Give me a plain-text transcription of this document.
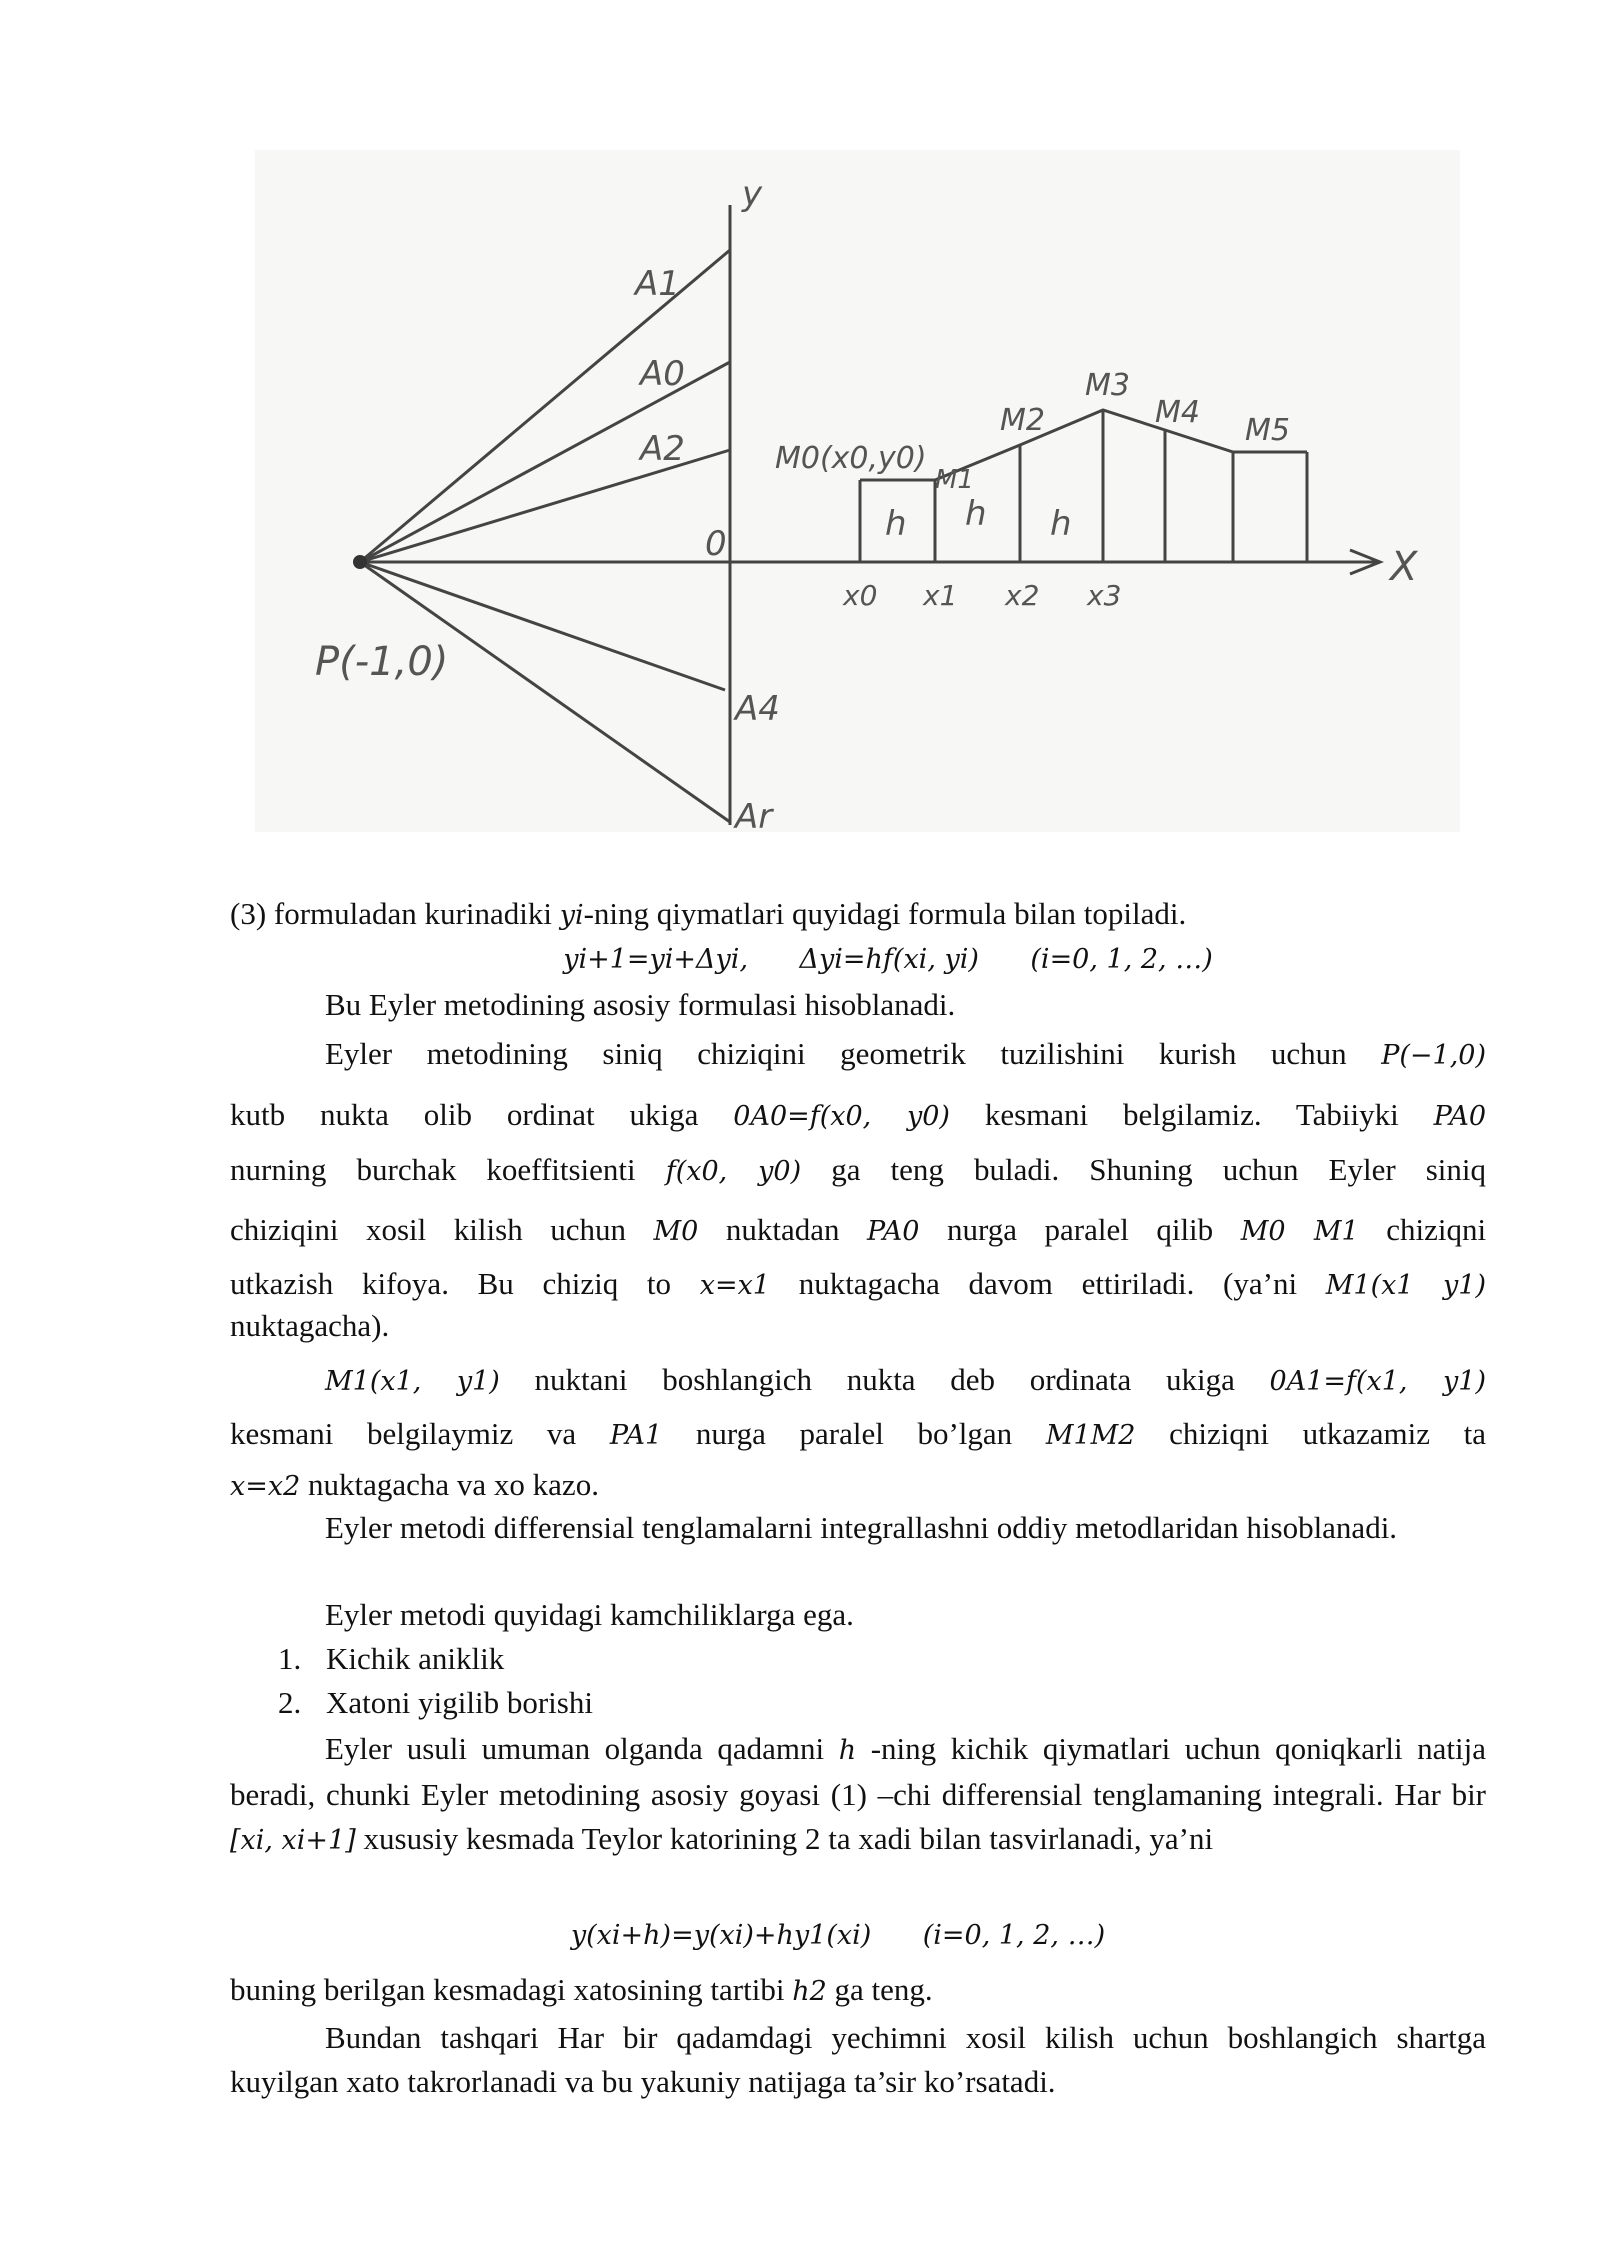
y
X
0
P(-1,0)
A1
A0
A2
A4
Ar
M0(x0,y0)
M1
M2
M3
M4
M5
x0 x1 x2 x3
h h h
(3) formuladan kurinadiki yi-ning qiymatlari quyidagi formula bilan topiladi.
yi+1=yi+Δyi,      Δyi=hf(xi, yi)      (i=0, 1, 2, …)
Bu Eyler metodining asosiy formulasi hisoblanadi.
Eyler metodining siniq chiziqini geometrik tuzilishini kurish uchun P(−1,0)
kutb nukta olib ordinat ukiga 0A0=f(x0, y0) kesmani belgilamiz. Tabiiyki PA0
nurning burchak koeffitsienti f(x0, y0) ga teng buladi. Shuning uchun Eyler siniq
chiziqini xosil kilish uchun M0 nuktadan PA0 nurga paralel qilib M0 M1 chiziqni
utkazish kifoya. Bu chiziq to x=x1 nuktagacha davom ettiriladi. (ya’ni M1(x1 y1)
nuktagacha).
M1(x1, y1) nuktani boshlangich nukta deb ordinata ukiga 0A1=f(x1, y1)
kesmani belgilaymiz va PA1 nurga paralel bo’lgan M1M2 chiziqni utkazamiz ta
x=x2 nuktagacha va xo kazo.
Eyler metodi differensial tenglamalarni integrallashni oddiy metodlaridan hisoblanadi.
Eyler metodi quyidagi kamchiliklarga ega.
1. Kichik aniklik
2. Xatoni yigilib borishi
Eyler usuli umuman olganda qadamni h -ning kichik qiymatlari uchun qoniqkarli natija beradi, chunki Eyler metodining asosiy goyasi (1) –chi differensial tenglamaning integrali. Har bir [xi, xi+1] xususiy kesmada Teylor katorining 2 ta xadi bilan tasvirlanadi, ya’ni
y(xi+h)=y(xi)+hy1(xi)      (i=0, 1, 2, …)
buning berilgan kesmadagi xatosining tartibi h2 ga teng.
Bundan tashqari Har bir qadamdagi yechimni xosil kilish uchun boshlangich shartga kuyilgan xato takrorlanadi va bu yakuniy natijaga ta’sir ko’rsatadi.
